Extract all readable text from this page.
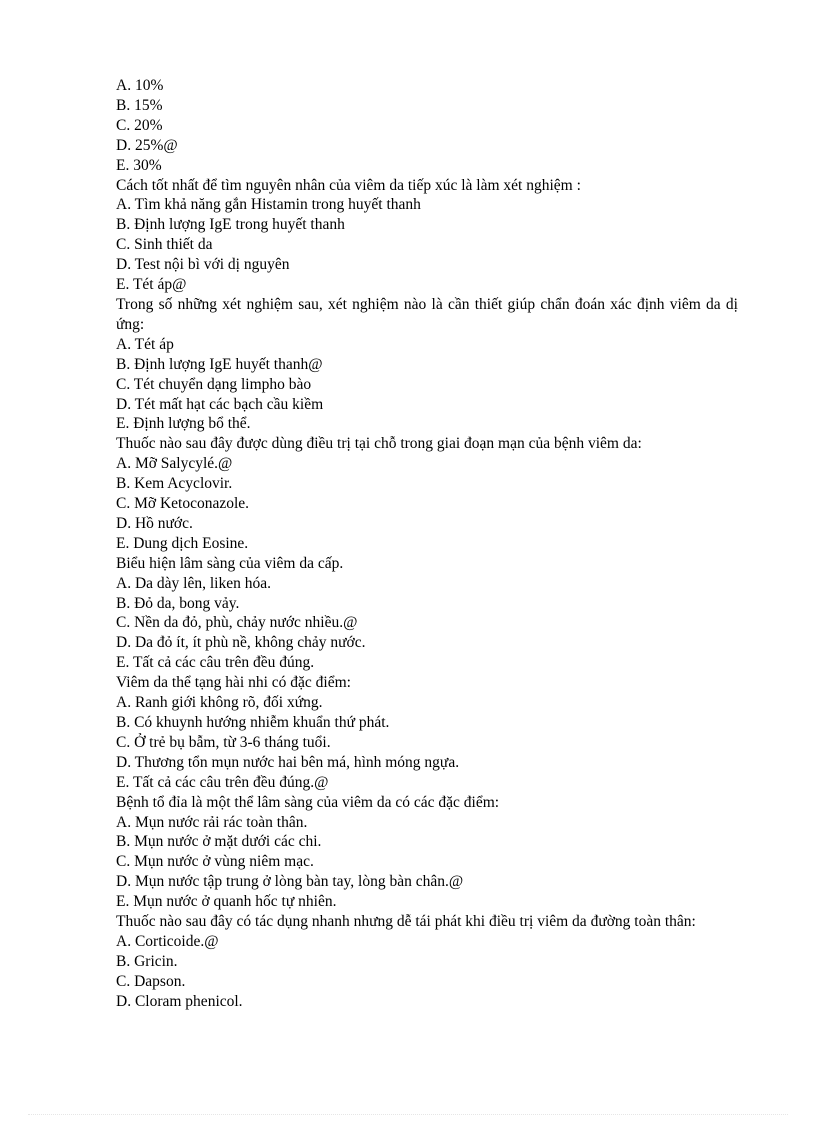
A. 10%
B. 15%
C. 20%
D. 25%@
E. 30%
Cách tốt nhất để tìm nguyên nhân của viêm da tiếp xúc là làm xét nghiệm :
A. Tìm khả năng gắn Histamin trong huyết thanh
B. Định lượng IgE trong huyết thanh
C. Sinh thiết da
D. Test nội bì với dị nguyên
E. Tét áp@
Trong số những xét nghiệm sau, xét nghiệm nào là cần thiết giúp chẩn đoán xác định viêm da dị ứng:
A. Tét áp
B. Định lượng IgE huyết thanh@
C. Tét chuyển dạng limpho bào
D. Tét mất hạt các bạch cầu kiềm
E. Định lượng bổ thể.
Thuốc nào sau đây được dùng điều trị tại chỗ trong giai đoạn mạn của bệnh viêm da:
A. Mỡ Salycylé.@
B. Kem Acyclovir.
C. Mỡ Ketoconazole.
D. Hồ nước.
E. Dung dịch Eosine.
Biểu hiện lâm sàng của viêm da cấp.
A. Da dày lên, liken hóa.
B. Đỏ da, bong vảy.
C. Nền da đỏ, phù, chảy nước nhiều.@
D. Da đỏ ít, ít phù nề, không chảy nước.
E. Tất cả các câu trên đều đúng.
Viêm da thể tạng hài nhi có đặc điểm:
A. Ranh giới không rõ, đối xứng.
B. Có khuynh hướng nhiễm khuẩn thứ phát.
C. Ở trẻ bụ bẫm, từ 3-6 tháng tuổi.
D. Thương tổn mụn nước hai bên má, hình móng ngựa.
E. Tất cả các câu trên đều đúng.@
Bệnh tổ đỉa là một thể lâm sàng của viêm da có các đặc điểm:
A. Mụn nước rải rác toàn thân.
B. Mụn nước ở mặt dưới các chi.
C. Mụn nước ở vùng niêm mạc.
D. Mụn nước tập trung ở lòng bàn tay, lòng bàn chân.@
E. Mụn nước ở quanh hốc tự nhiên.
Thuốc nào sau đây có tác dụng nhanh nhưng dễ tái phát khi điều trị viêm da đường toàn thân:
A. Corticoide.@
B. Gricin.
C. Dapson.
D. Cloram phenicol.
